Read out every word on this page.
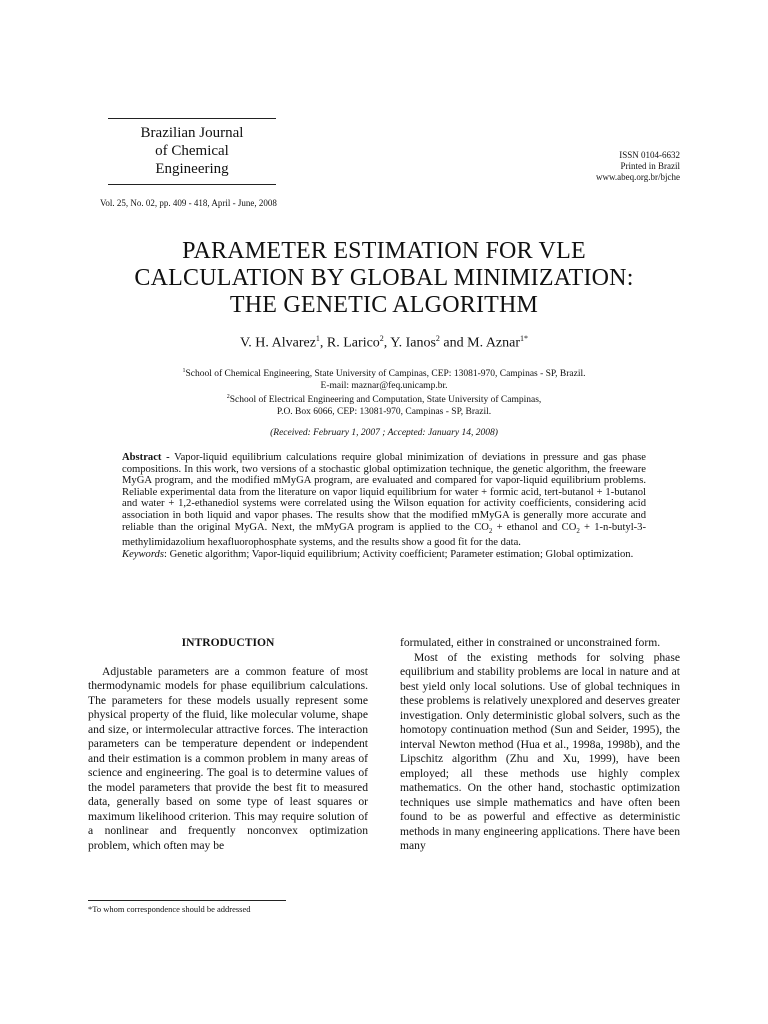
Brazilian Journal
of Chemical
Engineering
ISSN 0104-6632
Printed in Brazil
www.abeq.org.br/bjche
Vol. 25, No. 02, pp. 409 - 418, April - June, 2008
PARAMETER ESTIMATION FOR VLE
CALCULATION BY GLOBAL MINIMIZATION:
THE GENETIC ALGORITHM
V. H. Alvarez$^1$, R. Larico$^2$, Y. Ianos$^2$ and M. Aznar$^{1*}$
$^1$School of Chemical Engineering, State University of Campinas, CEP: 13081-970, Campinas - SP, Brazil.
E-mail: maznar@feq.unicamp.br.
$^2$School of Electrical Engineering and Computation, State University of Campinas,
P.O. Box 6066, CEP: 13081-970, Campinas - SP, Brazil.
(Received: February 1, 2007 ; Accepted: January 14, 2008)
Abstract - Vapor-liquid equilibrium calculations require global minimization of deviations in pressure and gas phase compositions. In this work, two versions of a stochastic global optimization technique, the genetic algorithm, the freeware MyGA program, and the modified mMyGA program, are evaluated and compared for vapor-liquid equilibrium problems. Reliable experimental data from the literature on vapor liquid equilibrium for water + formic acid, tert-butanol + 1-butanol and water + 1,2-ethanediol systems were correlated using the Wilson equation for activity coefficients, considering acid association in both liquid and vapor phases. The results show that the modified mMyGA is generally more accurate and reliable than the original MyGA. Next, the mMyGA program is applied to the $CO_2$ + ethanol and $CO_2$ + 1-n-butyl-3-methylimidazolium hexafluorophosphate systems, and the results show a good fit for the data.
Keywords: Genetic algorithm; Vapor-liquid equilibrium; Activity coefficient; Parameter estimation; Global optimization.
INTRODUCTION

Adjustable parameters are a common feature of most thermodynamic models for phase equilibrium calculations. The parameters for these models usually represent some physical property of the fluid, like molecular volume, shape and size, or intermolecular attractive forces. The interaction parameters can be temperature dependent or independent and their estimation is a common problem in many areas of science and engineering. The goal is to determine values of the model parameters that provide the best fit to measured data, generally based on some type of least squares or maximum likelihood criterion. This may require solution of a nonlinear and frequently nonconvex optimization problem, which often may be

formulated, either in constrained or unconstrained form.

Most of the existing methods for solving phase equilibrium and stability problems are local in nature and at best yield only local solutions. Use of global techniques in these problems is relatively unexplored and deserves greater investigation. Only deterministic global solvers, such as the homotopy continuation method (Sun and Seider, 1995), the interval Newton method (Hua et al., 1998a, 1998b), and the Lipschitz algorithm (Zhu and Xu, 1999), have been employed; all these methods use highly complex mathematics. On the other hand, stochastic optimization techniques use simple mathematics and have often been found to be as powerful and effective as deterministic methods in many engineering applications. There have been many

*To whom correspondence should be addressed
